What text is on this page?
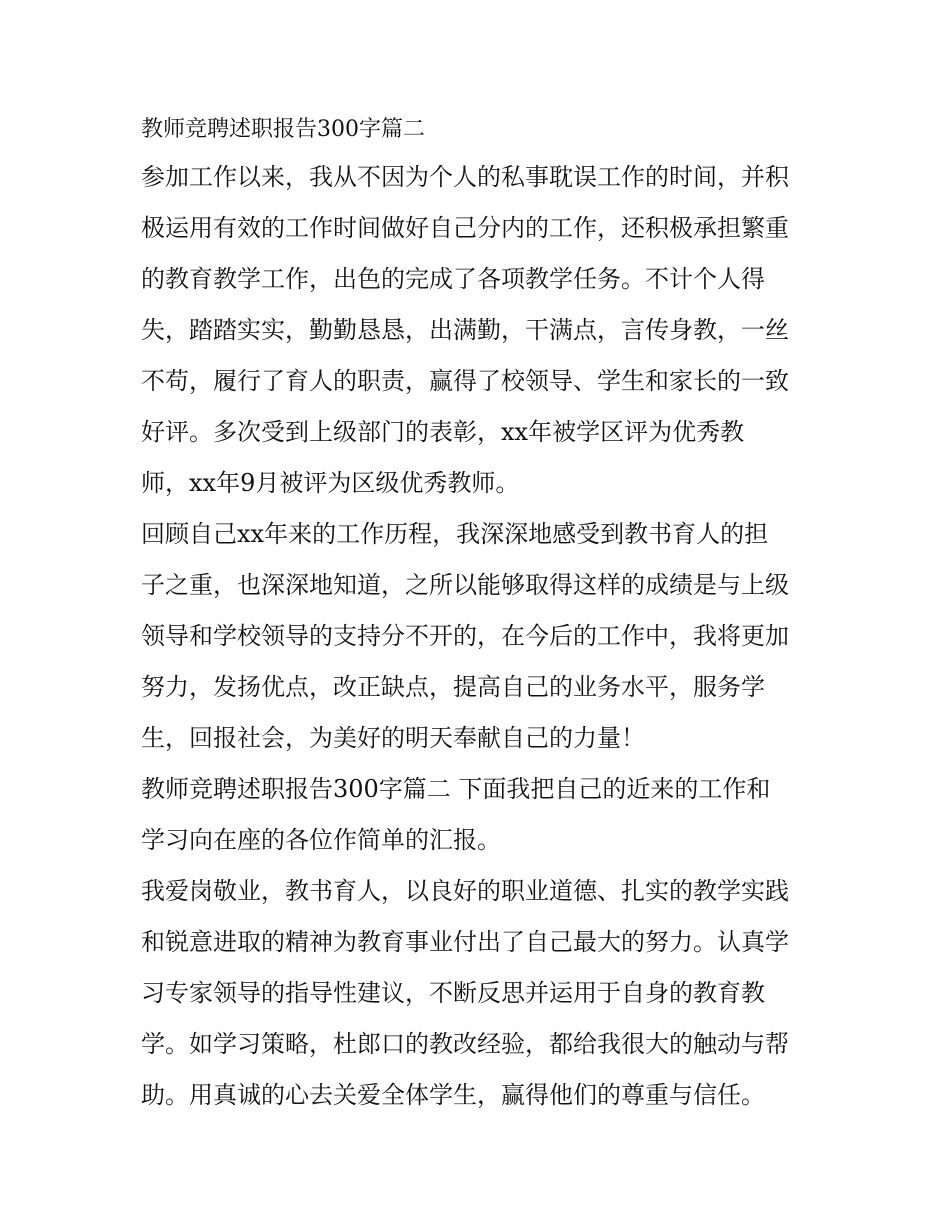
教师竞聘述职报告300字篇二

参加工作以来，我从不因为个人的私事耽误工作的时间，并积
极运用有效的工作时间做好自己分内的工作，还积极承担繁重
的教育教学工作，出色的完成了各项教学任务。不计个人得
失，踏踏实实，勤勤恳恳，出满勤，干满点，言传身教，一丝
不苟，履行了育人的职责，赢得了校领导、学生和家长的一致
好评。多次受到上级部门的表彰，xx年被学区评为优秀教
师，xx年9月被评为区级优秀教师。

回顾自己xx年来的工作历程，我深深地感受到教书育人的担
子之重，也深深地知道，之所以能够取得这样的成绩是与上级
领导和学校领导的支持分不开的，在今后的工作中，我将更加
努力，发扬优点，改正缺点，提高自己的业务水平，服务学
生，回报社会，为美好的明天奉献自己的力量！

教师竞聘述职报告300字篇二 下面我把自己的近来的工作和
学习向在座的各位作简单的汇报。

我爱岗敬业，教书育人，以良好的职业道德、扎实的教学实践
和锐意进取的精神为教育事业付出了自己最大的努力。认真学
习专家领导的指导性建议，不断反思并运用于自身的教育教
学。如学习策略，杜郎口的教改经验，都给我很大的触动与帮
助。用真诚的心去关爱全体学生，赢得他们的尊重与信任。
